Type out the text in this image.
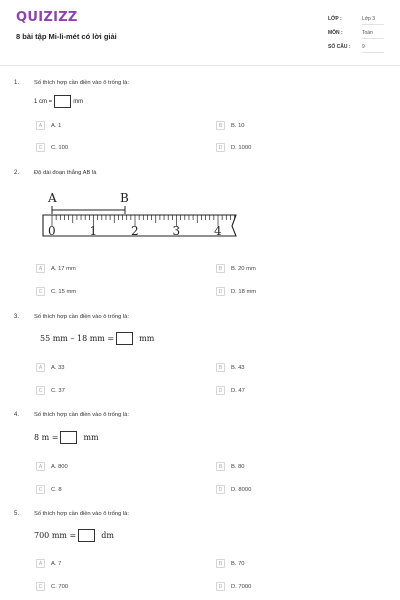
QUIZIZZ
8 bài tập Mi-li-mét có lời giải
LỚP :	Lớp 3
MÔN :	Toán
SỐ CÂU : 9
1.	Số thích hợp cần điền vào ô trống là:
1 cm =	mm
A	A. 1	B	B. 10
C	C. 100	D	D. 1000
2.	Độ dài đoạn thẳng AB là
A	A. 17 mm	B	B. 20 mm
C	C. 15 mm	D	D. 18 mm
A	B
0	1	2	3	4
3.	Số thích hợp cần điền vào ô trống là:
55 mm – 18 mm =	mm
A	A. 33	B	B. 43
C	C. 37	D	D. 47
4.	Số thích hợp cần điền vào ô trống là:
8 m =	mm
A	A. 800	B	B. 80
C	C. 8	D	D. 8000
5.	Số thích hợp cần điền vào ô trống là:
700 mm =	dm
A	A. 7	B	B. 70
C	C. 700	D	D. 7000
